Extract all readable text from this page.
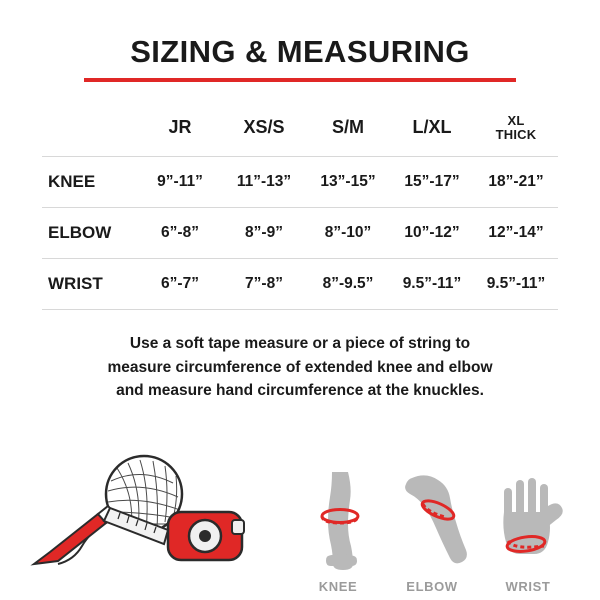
SIZING & MEASURING
	JR	XS/S	S/M	L/XL	XL
THICK

KNEE	9”-11”	11”-13”	13”-15”	15”-17”	18”-21”
ELBOW	6”-8”	8”-9”	8”-10”	10”-12”	12”-14”
WRIST	6”-7”	7”-8”	8”-9.5”	9.5”-11”	9.5”-11”
Use a soft tape measure or a piece of string to
measure circumference of extended knee and elbow
and measure hand circumference at the knuckles.
KNEE	ELBOW	WRIST
